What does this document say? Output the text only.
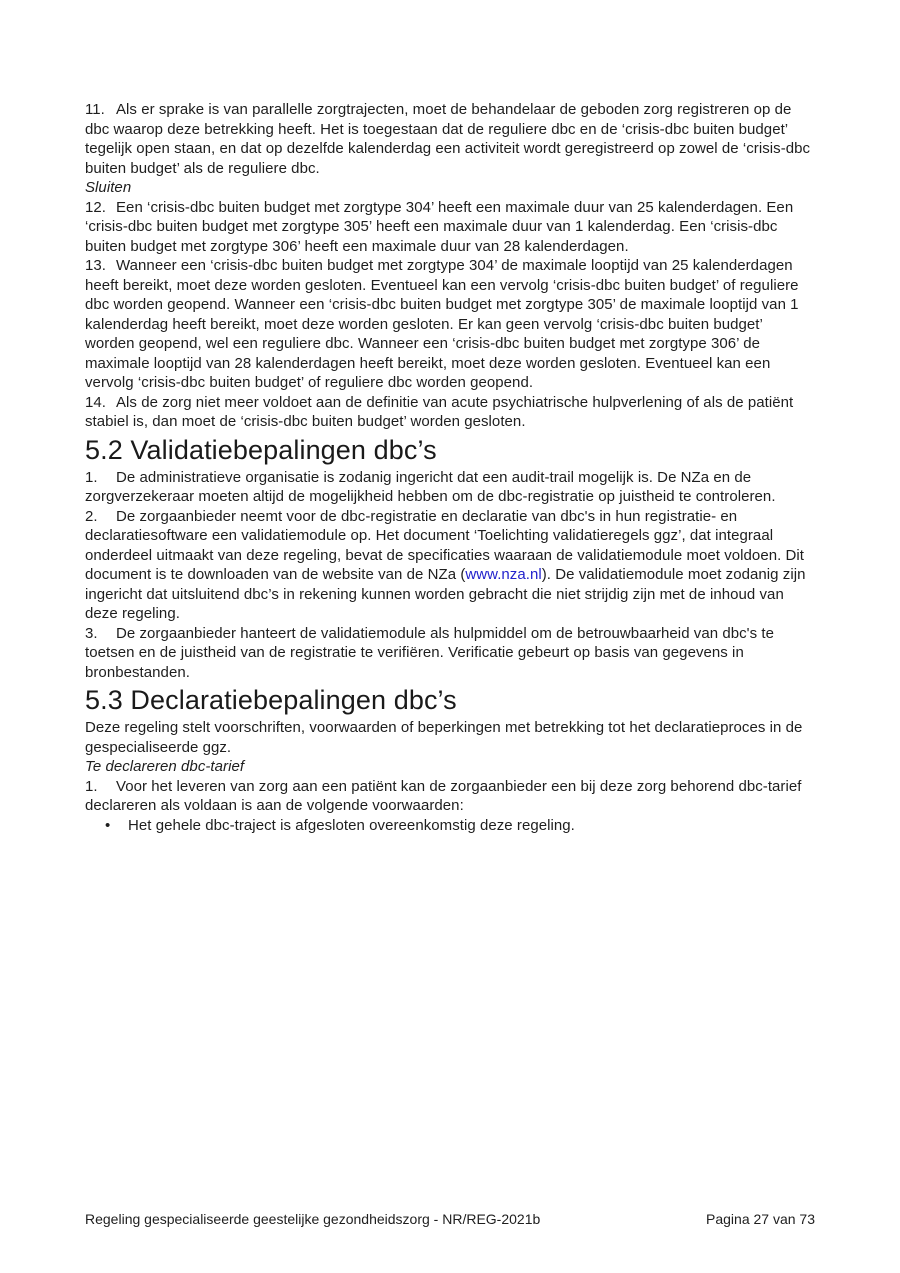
11. Als er sprake is van parallelle zorgtrajecten, moet de behandelaar de geboden zorg registreren op de dbc waarop deze betrekking heeft. Het is toegestaan dat de reguliere dbc en de ‘crisis-dbc buiten budget’ tegelijk open staan, en dat op dezelfde kalenderdag een activiteit wordt geregistreerd op zowel de ‘crisis-dbc buiten budget’ als de reguliere dbc.

Sluiten

12. Een ‘crisis-dbc buiten budget met zorgtype 304’ heeft een maximale duur van 25 kalenderdagen. Een ‘crisis-dbc buiten budget met zorgtype 305’ heeft een maximale duur van 1 kalenderdag. Een ‘crisis-dbc buiten budget met zorgtype 306’ heeft een maximale duur van 28 kalenderdagen.

13. Wanneer een ‘crisis-dbc buiten budget met zorgtype 304’ de maximale looptijd van 25 kalenderdagen heeft bereikt, moet deze worden gesloten. Eventueel kan een vervolg ‘crisis-dbc buiten budget’ of reguliere dbc worden geopend. Wanneer een ‘crisis-dbc buiten budget met zorgtype 305’ de maximale looptijd van 1 kalenderdag heeft bereikt, moet deze worden gesloten. Er kan geen vervolg ‘crisis-dbc buiten budget’ worden geopend, wel een reguliere dbc. Wanneer een ‘crisis-dbc buiten budget met zorgtype 306’ de maximale looptijd van 28 kalenderdagen heeft bereikt, moet deze worden gesloten. Eventueel kan een vervolg ‘crisis-dbc buiten budget’ of reguliere dbc worden geopend.

14. Als de zorg niet meer voldoet aan de definitie van acute psychiatrische hulpverlening of als de patiënt stabiel is, dan moet de ‘crisis-dbc buiten budget’ worden gesloten.

5.2 Validatiebepalingen dbc’s

1. De administratieve organisatie is zodanig ingericht dat een audit-trail mogelijk is. De NZa en de zorgverzekeraar moeten altijd de mogelijkheid hebben om de dbc-registratie op juistheid te controleren.

2. De zorgaanbieder neemt voor de dbc-registratie en declaratie van dbc's in hun registratie- en declaratiesoftware een validatiemodule op. Het document ‘Toelichting validatieregels ggz’, dat integraal onderdeel uitmaakt van deze regeling, bevat de specificaties waaraan de validatiemodule moet voldoen. Dit document is te downloaden van de website van de NZa (www.nza.nl). De validatiemodule moet zodanig zijn ingericht dat uitsluitend dbc’s in rekening kunnen worden gebracht die niet strijdig zijn met de inhoud van deze regeling.

3. De zorgaanbieder hanteert de validatiemodule als hulpmiddel om de betrouwbaarheid van dbc's te toetsen en de juistheid van de registratie te verifiëren. Verificatie gebeurt op basis van gegevens in bronbestanden.

5.3 Declaratiebepalingen dbc’s

Deze regeling stelt voorschriften, voorwaarden of beperkingen met betrekking tot het declaratieproces in de gespecialiseerde ggz.

Te declareren dbc-tarief

1. Voor het leveren van zorg aan een patiënt kan de zorgaanbieder een bij deze zorg behorend dbc-tarief declareren als voldaan is aan de volgende voorwaarden:

•	Het gehele dbc-traject is afgesloten overeenkomstig deze regeling.

Regeling gespecialiseerde geestelijke gezondheidszorg - NR/REG-2021b	Pagina 27 van 73
